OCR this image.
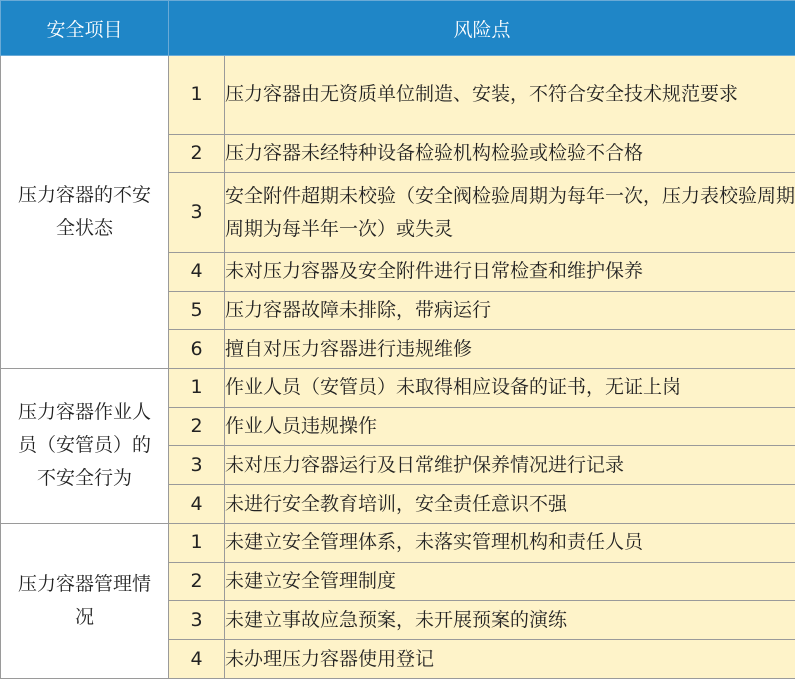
安全项目	风险点	
压力容器的不安全状态	1	压力容器由无资质单位制造、安装，不符合安全技术规范要求
	2	压力容器未经特种设备检验机构检验或检验不合格
	3	安全附件超期未校验（安全阀检验周期为每年一次，压力表校验周期周期为每半年一次）或失灵
	4	未对压力容器及安全附件进行日常检查和维护保养
	5	压力容器故障未排除，带病运行
	6	擅自对压力容器进行违规维修
压力容器作业人员（安管员）的不安全行为	1	作业人员（安管员）未取得相应设备的证书，无证上岗
	2	作业人员违规操作
	3	未对压力容器运行及日常维护保养情况进行记录
	4	未进行安全教育培训，安全责任意识不强
压力容器管理情况	1	未建立安全管理体系，未落实管理机构和责任人员
	2	未建立安全管理制度
	3	未建立事故应急预案，未开展预案的演练
	4	未办理压力容器使用登记
